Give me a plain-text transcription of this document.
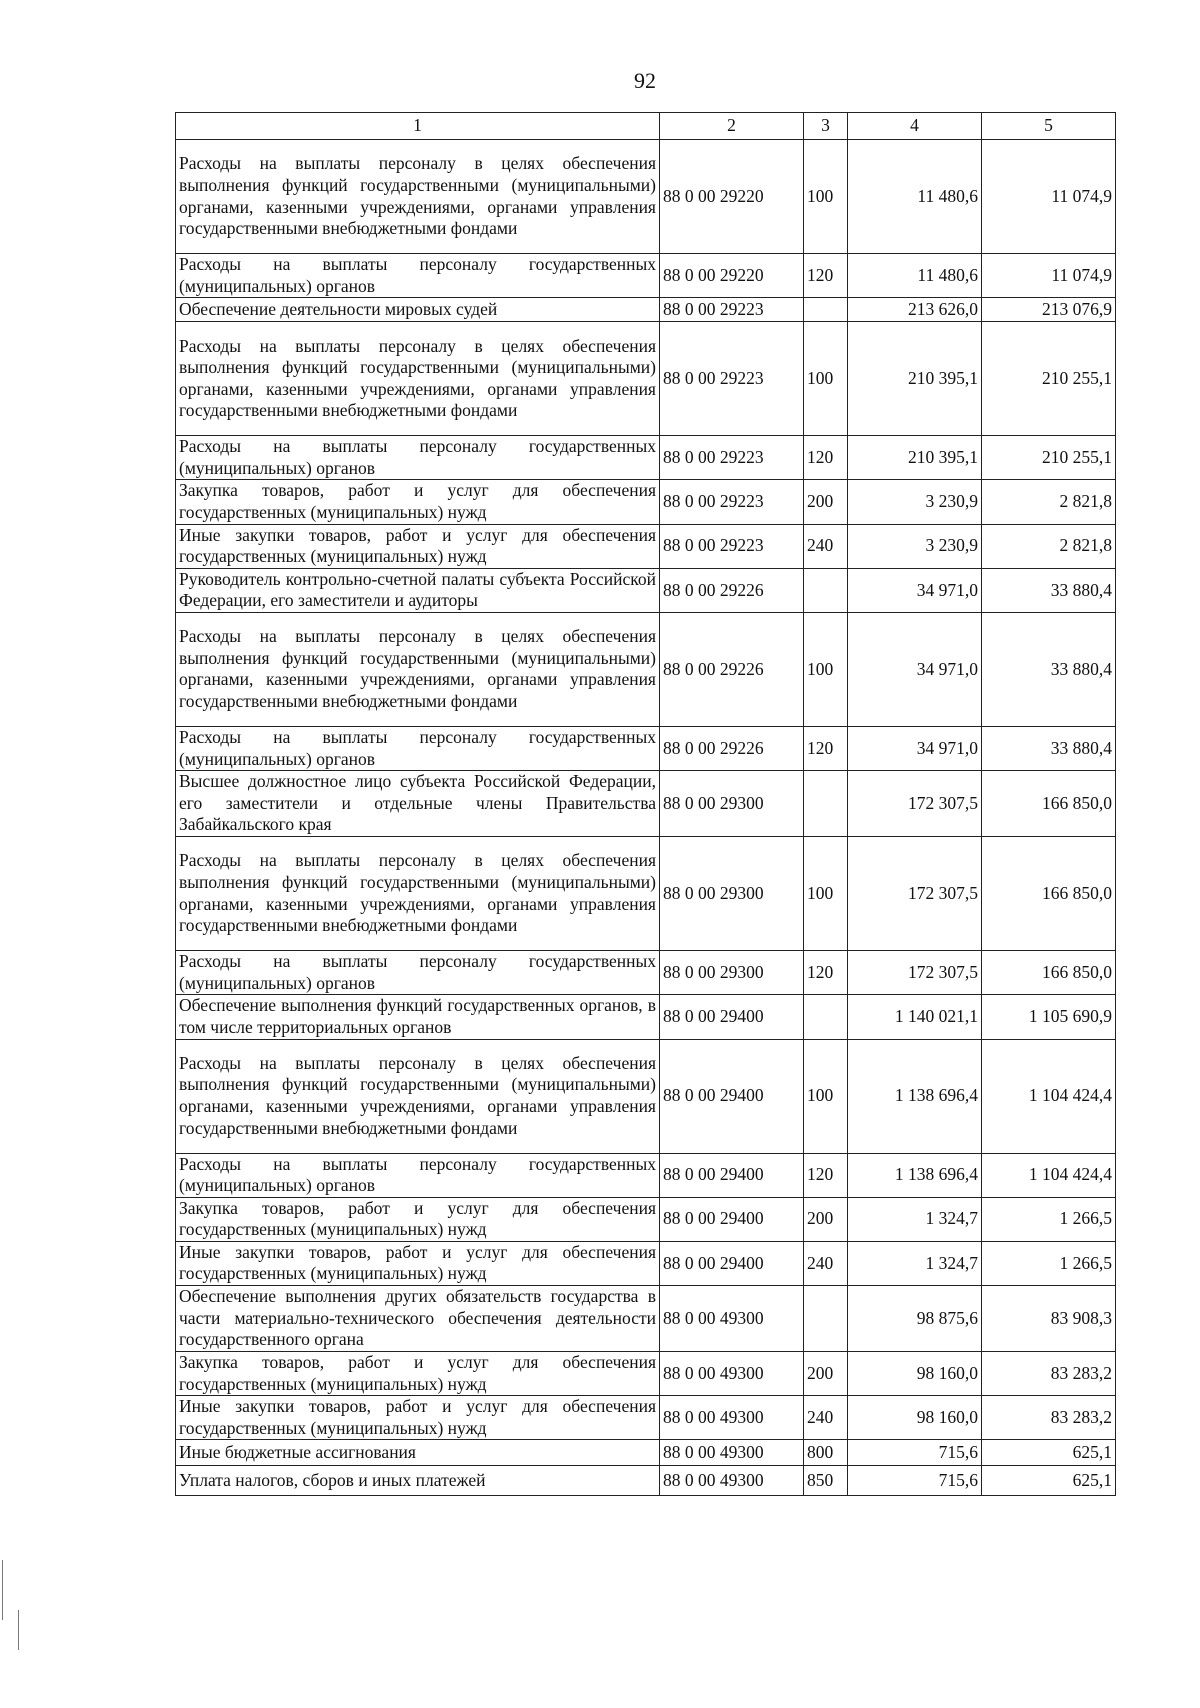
92
1	2	3	4	5
Расходы на выплаты персоналу в целях обеспечения выполнения функций государственными (муниципальными) органами, казенными учреждениями, органами управления государственными внебюджетными фондами	88 0 00 29220	100	11 480,6	11 074,9
Расходы на выплаты персоналу государственных (муниципальных) органов	88 0 00 29220	120	11 480,6	11 074,9
Обеспечение деятельности мировых судей	88 0 00 29223		213 626,0	213 076,9
Расходы на выплаты персоналу в целях обеспечения выполнения функций государственными (муниципальными) органами, казенными учреждениями, органами управления государственными внебюджетными фондами	88 0 00 29223	100	210 395,1	210 255,1
Расходы на выплаты персоналу государственных (муниципальных) органов	88 0 00 29223	120	210 395,1	210 255,1
Закупка товаров, работ и услуг для обеспечения государственных (муниципальных) нужд	88 0 00 29223	200	3 230,9	2 821,8
Иные закупки товаров, работ и услуг для обеспечения государственных (муниципальных) нужд	88 0 00 29223	240	3 230,9	2 821,8
Руководитель контрольно-счетной палаты субъекта Российской Федерации, его заместители и аудиторы	88 0 00 29226		34 971,0	33 880,4
Расходы на выплаты персоналу в целях обеспечения выполнения функций государственными (муниципальными) органами, казенными учреждениями, органами управления государственными внебюджетными фондами	88 0 00 29226	100	34 971,0	33 880,4
Расходы на выплаты персоналу государственных (муниципальных) органов	88 0 00 29226	120	34 971,0	33 880,4
Высшее должностное лицо субъекта Российской Федерации, его заместители и отдельные члены Правительства Забайкальского края	88 0 00 29300		172 307,5	166 850,0
Расходы на выплаты персоналу в целях обеспечения выполнения функций государственными (муниципальными) органами, казенными учреждениями, органами управления государственными внебюджетными фондами	88 0 00 29300	100	172 307,5	166 850,0
Расходы на выплаты персоналу государственных (муниципальных) органов	88 0 00 29300	120	172 307,5	166 850,0
Обеспечение выполнения функций государственных органов, в том числе территориальных органов	88 0 00 29400		1 140 021,1	1 105 690,9
Расходы на выплаты персоналу в целях обеспечения выполнения функций государственными (муниципальными) органами, казенными учреждениями, органами управления государственными внебюджетными фондами	88 0 00 29400	100	1 138 696,4	1 104 424,4
Расходы на выплаты персоналу государственных (муниципальных) органов	88 0 00 29400	120	1 138 696,4	1 104 424,4
Закупка товаров, работ и услуг для обеспечения государственных (муниципальных) нужд	88 0 00 29400	200	1 324,7	1 266,5
Иные закупки товаров, работ и услуг для обеспечения государственных (муниципальных) нужд	88 0 00 29400	240	1 324,7	1 266,5
Обеспечение выполнения других обязательств государства в части материально-технического обеспечения деятельности государственного органа	88 0 00 49300		98 875,6	83 908,3
Закупка товаров, работ и услуг для обеспечения государственных (муниципальных) нужд	88 0 00 49300	200	98 160,0	83 283,2
Иные закупки товаров, работ и услуг для обеспечения государственных (муниципальных) нужд	88 0 00 49300	240	98 160,0	83 283,2
Иные бюджетные ассигнования	88 0 00 49300	800	715,6	625,1
Уплата налогов, сборов и иных платежей	88 0 00 49300	850	715,6	625,1
